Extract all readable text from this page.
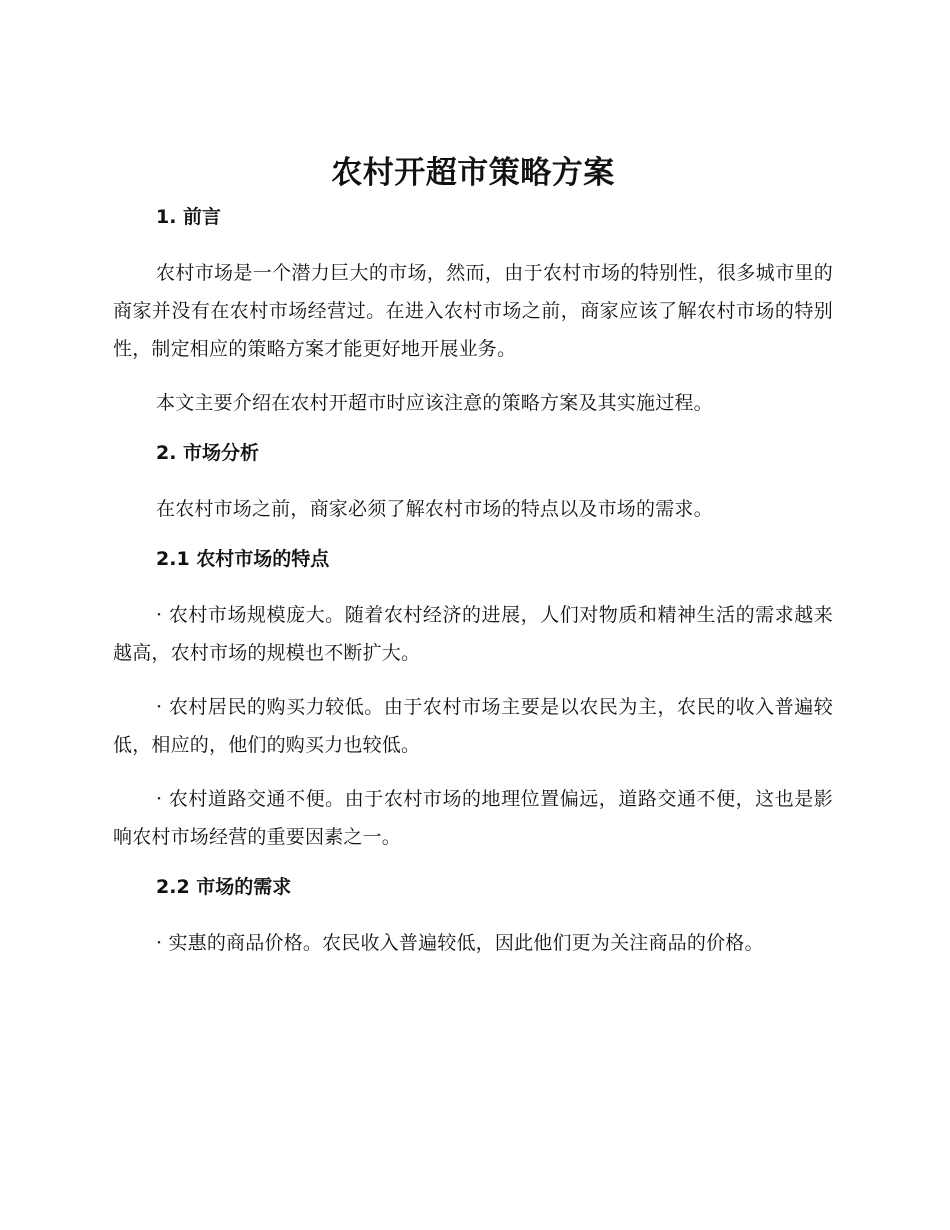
农村开超市策略方案
1. 前言

农村市场是一个潜力巨大的市场，然而，由于农村市场的特别性，很多城市里的商家并没有在农村市场经营过。在进入农村市场之前，商家应该了解农村市场的特别性，制定相应的策略方案才能更好地开展业务。

本文主要介绍在农村开超市时应该注意的策略方案及其实施过程。

2. 市场分析

在农村市场之前，商家必须了解农村市场的特点以及市场的需求。

2.1 农村市场的特点

· 农村市场规模庞大。随着农村经济的进展，人们对物质和精神生活的需求越来越高，农村市场的规模也不断扩大。

· 农村居民的购买力较低。由于农村市场主要是以农民为主，农民的收入普遍较低，相应的，他们的购买力也较低。

· 农村道路交通不便。由于农村市场的地理位置偏远，道路交通不便，这也是影响农村市场经营的重要因素之一。

2.2 市场的需求

· 实惠的商品价格。农民收入普遍较低，因此他们更为关注商品的价格。
